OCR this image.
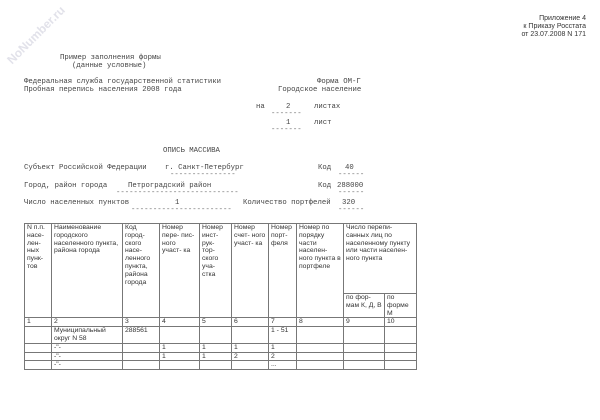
NoNumber.ru	Приложение 4
к Приказу Росстата
от 23.07.2008 N 171
Пример заполнения формы
(данные условные)
Федеральная служба государственной статистики
Пробная перепись населения 2008 года
Форма ОМ-Г
Городское население
на	2	листах
-------
1	лист
-------
ОПИСЬ МАССИВА
Субъект Российской Федерации	г. Санкт-Петербург
---------------
Код 40
------
Город, район города	Петроградский район
----------------------------
Код 288000
------
Число населенных пунктов	1
-----------------------
Количество портфелей 320
------
N п.п. насе- лен- ных пунк- тов	Наименование городского населенного пункта, района города	Код город- ского насе- ленного пункта, района города	Номер пере- пис- ного участ- ка	Номер инст- рук- тор- ского уча- стка	Номер счет- ного участ- ка	Номер порт- феля	Номер по порядку части населен- ного пункта в портфеле	Число перепи- санных лиц по населенному пункту или части населен- ного пункта	
								по фор- мам К, Д, В	по форме М
1	2	3	4	5	6	7	8	9	10
	Муниципальный округ N 58	288561				1 - 51			
	-"-		1	1	1	1			
	-"-		1	1	2	2			
	-"-					...			
